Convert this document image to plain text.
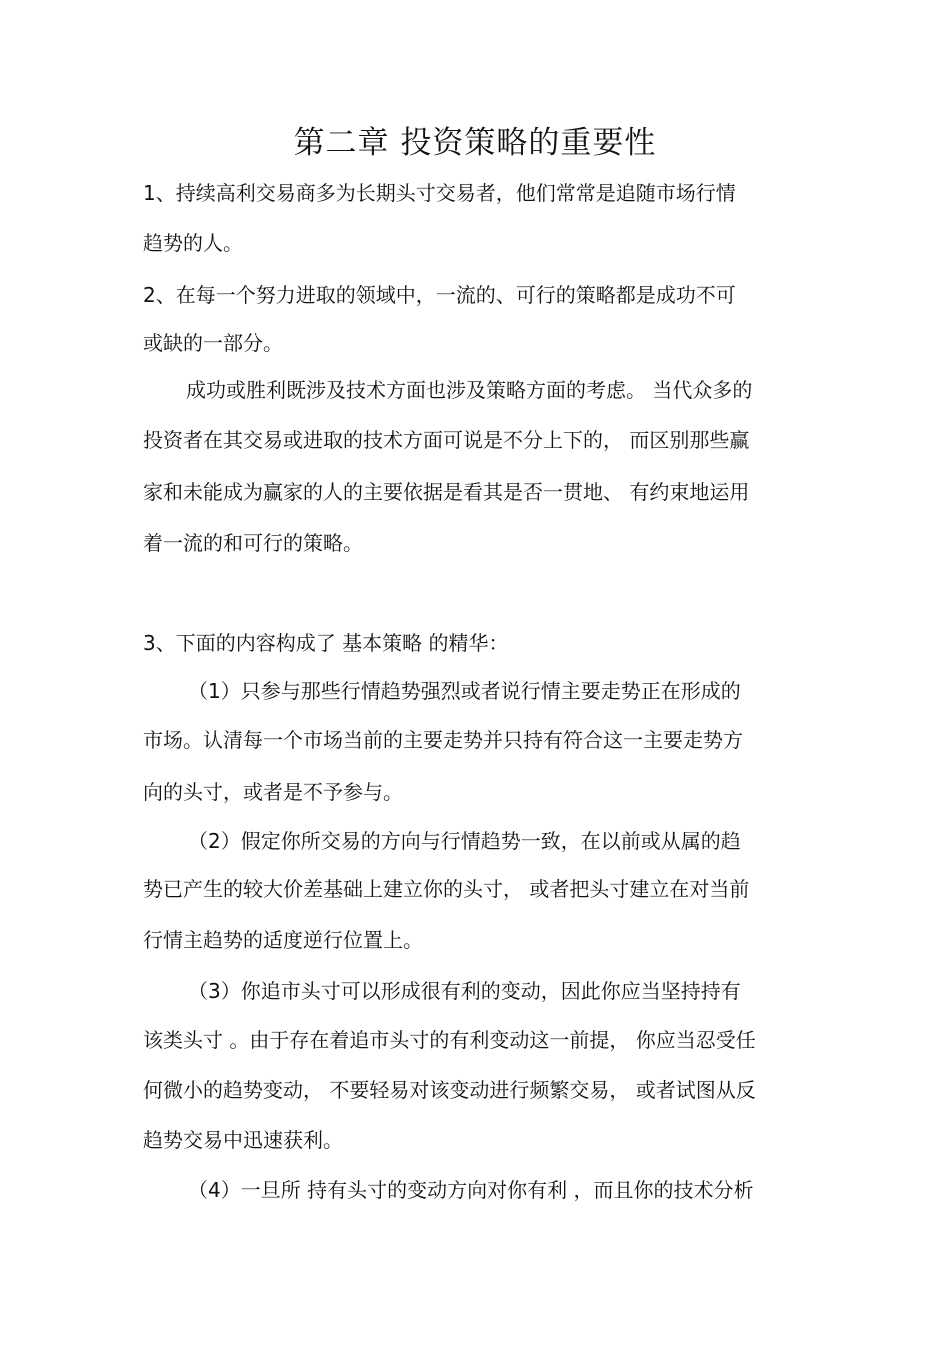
第二章 投资策略的重要性

1、持续高利交易商多为长期头寸交易者，他们常常是追随市场行情

趋势的人。

2、在每一个努力进取的领域中，一流的、可行的策略都是成功不可

或缺的一部分。

成功或胜利既涉及技术方面也涉及策略方面的考虑。 当代众多的

投资者在其交易或进取的技术方面可说是不分上下的， 而区别那些赢

家和未能成为赢家的人的主要依据是看其是否一贯地、 有约束地运用

着一流的和可行的策略。

3、下面的内容构成了 基本策略 的精华：

（1）只参与那些行情趋势强烈或者说行情主要走势正在形成的

市场。认清每一个市场当前的主要走势并只持有符合这一主要走势方

向的头寸，或者是不予参与。

（2）假定你所交易的方向与行情趋势一致，在以前或从属的趋

势已产生的较大价差基础上建立你的头寸， 或者把头寸建立在对当前

行情主趋势的适度逆行位置上。

（3）你追市头寸可以形成很有利的变动，因此你应当坚持持有

该类头寸 。由于存在着追市头寸的有利变动这一前提， 你应当忍受任

何微小的趋势变动， 不要轻易对该变动进行频繁交易， 或者试图从反

趋势交易中迅速获利。

（4）一旦所 持有头寸的变动方向对你有利 ，而且你的技术分析
